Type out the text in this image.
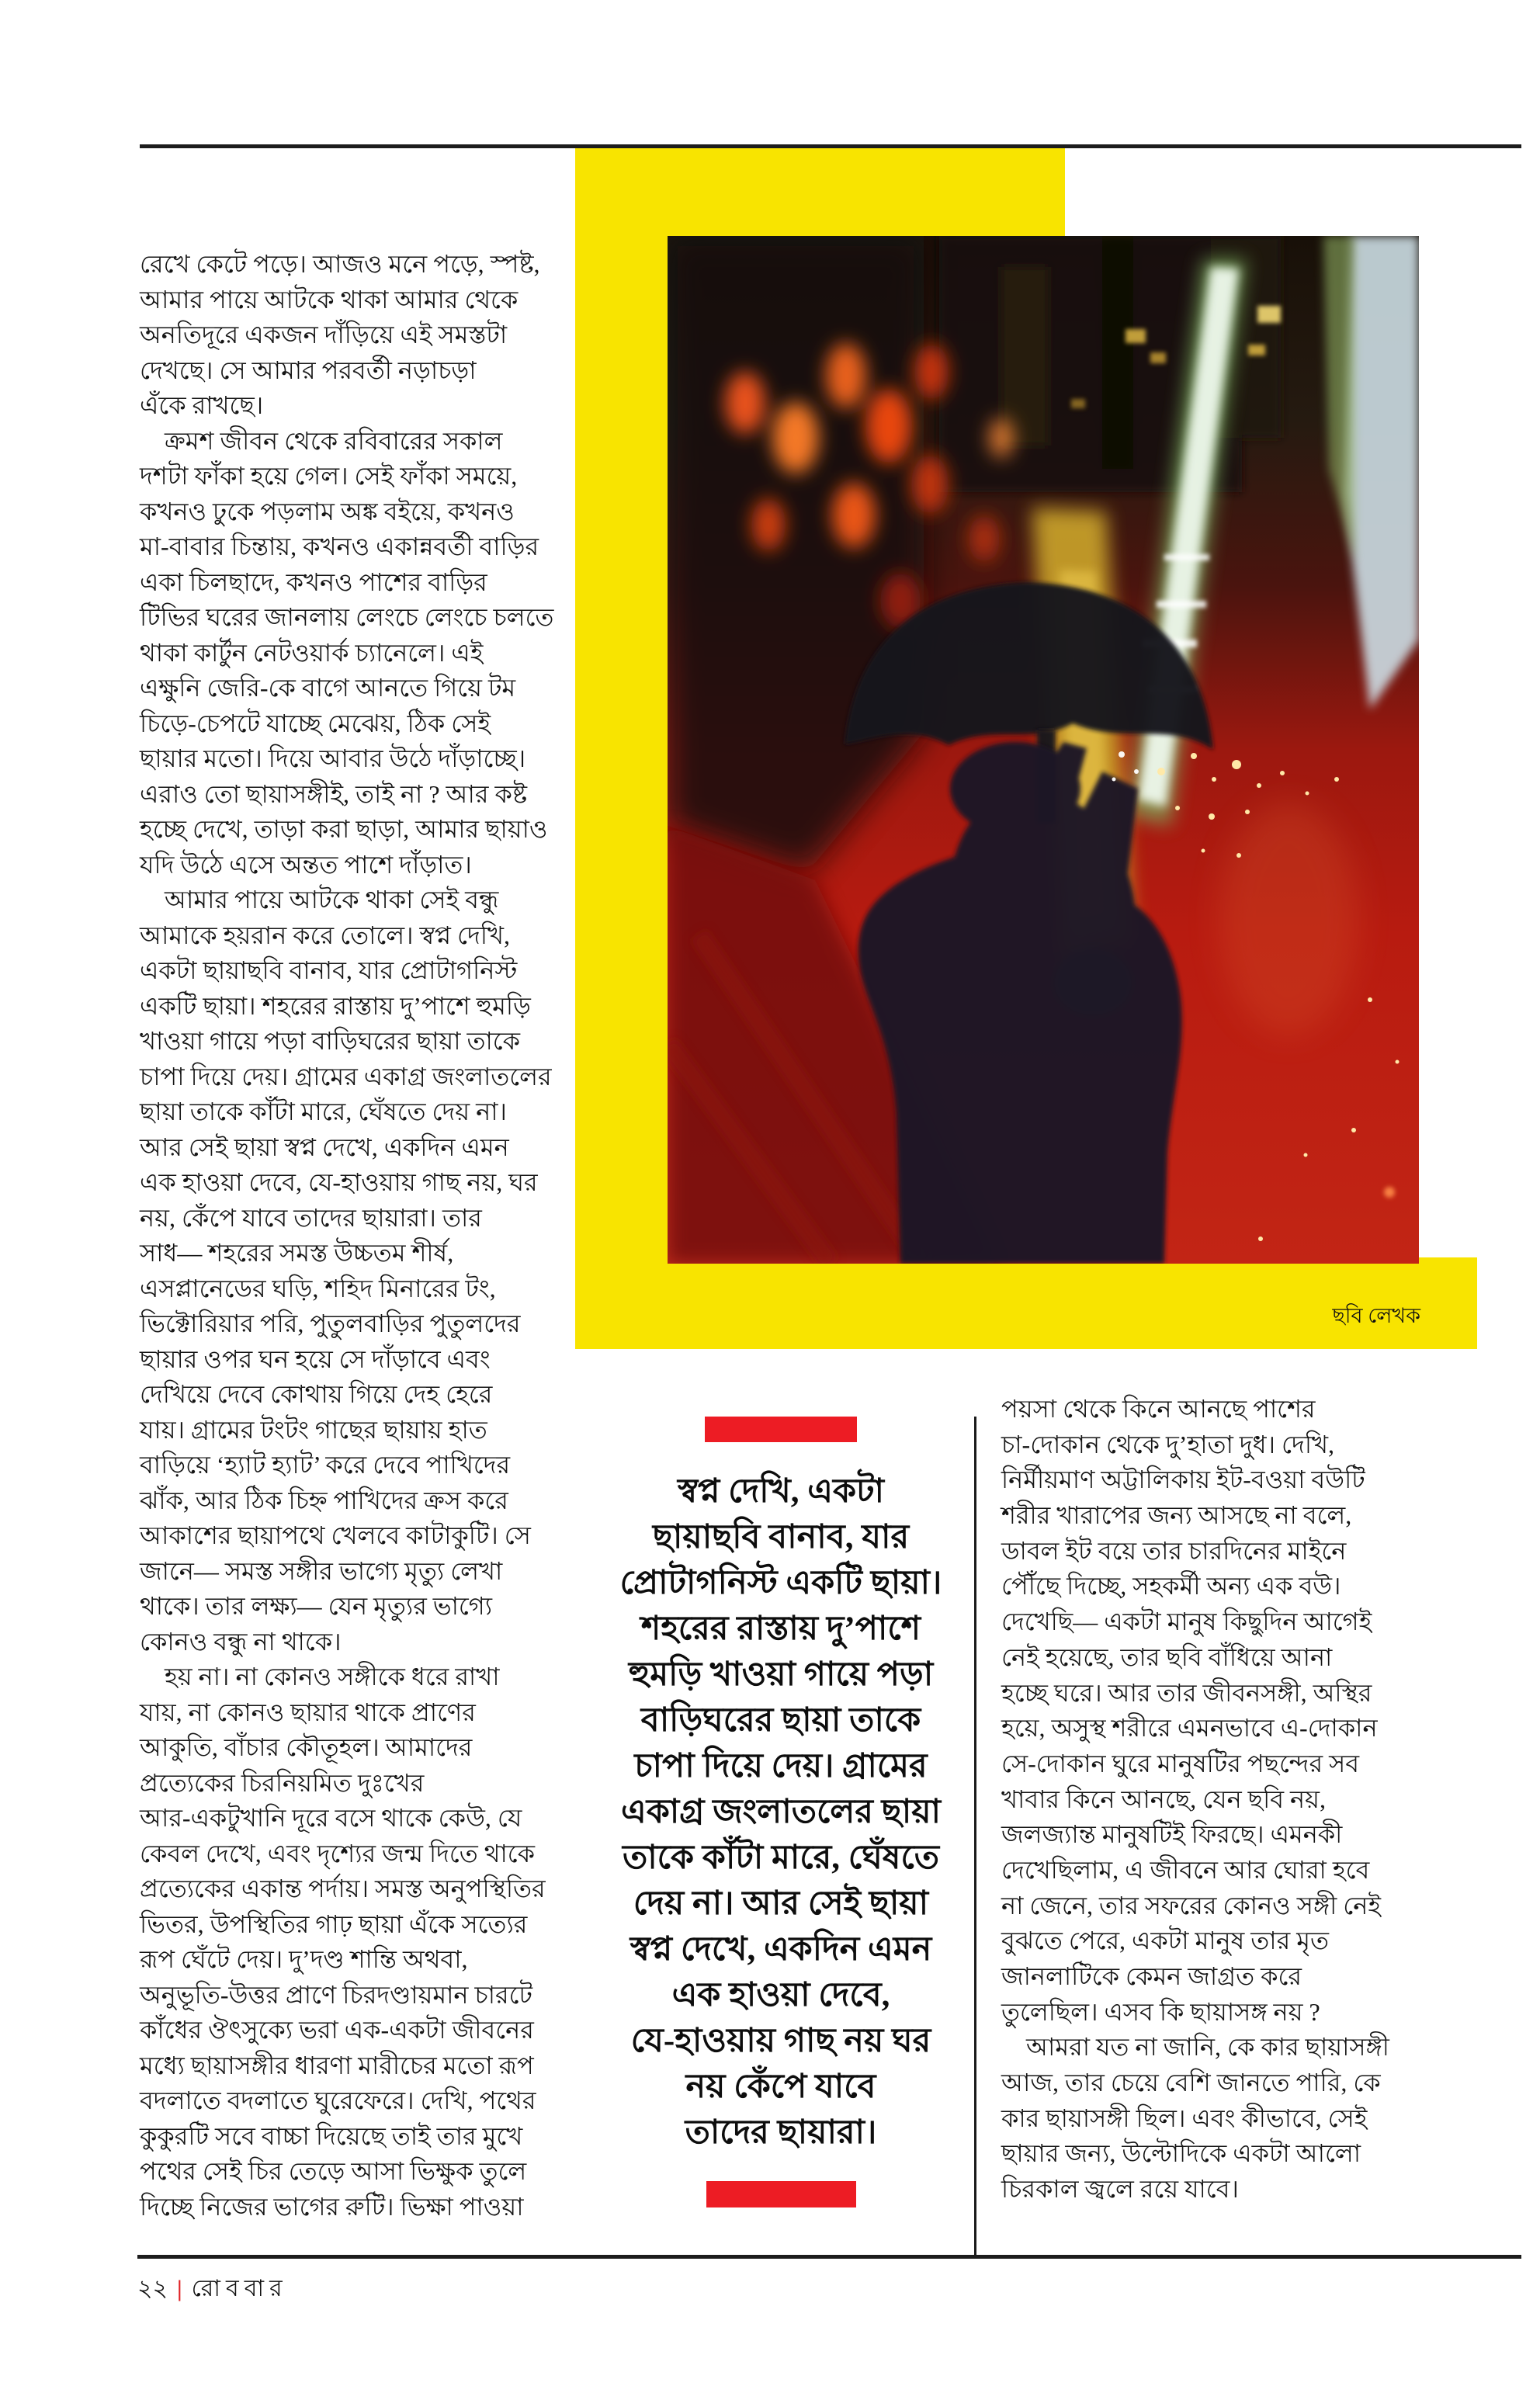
ছবি লেখক
রেখে কেটে পড়ে। আজও মনে পড়ে, স্পষ্ট,
আমার পায়ে আটকে থাকা আমার থেকে
অনতিদূরে একজন দাঁড়িয়ে এই সমস্তটা
দেখছে। সে আমার পরবর্তী নড়াচড়া
এঁকে রাখছে।
 ক্রমশ জীবন থেকে রবিবারের সকাল
দশটা ফাঁকা হয়ে গেল। সেই ফাঁকা সময়ে,
কখনও ঢুকে পড়লাম অঙ্ক বইয়ে, কখনও
মা-বাবার চিন্তায়, কখনও একান্নবর্তী বাড়ির
একা চিলছাদে, কখনও পাশের বাড়ির
টিভির ঘরের জানলায় লেংচে লেংচে চলতে
থাকা কার্টুন নেটওয়ার্ক চ্যানেলে। এই
এক্ষুনি জেরি-কে বাগে আনতে গিয়ে টম
চিড়ে-চেপটে যাচ্ছে মেঝেয়, ঠিক সেই
ছায়ার মতো। দিয়ে আবার উঠে দাঁড়াচ্ছে।
এরাও তো ছায়াসঙ্গীই, তাই না ? আর কষ্ট
হচ্ছে দেখে, তাড়া করা ছাড়া, আমার ছায়াও
যদি উঠে এসে অন্তত পাশে দাঁড়াত।
 আমার পায়ে আটকে থাকা সেই বন্ধু
আমাকে হয়রান করে তোলে। স্বপ্ন দেখি,
একটা ছায়াছবি বানাব, যার প্রোটাগনিস্ট
একটি ছায়া। শহরের রাস্তায় দু’পাশে হুমড়ি
খাওয়া গায়ে পড়া বাড়িঘরের ছায়া তাকে
চাপা দিয়ে দেয়। গ্রামের একাগ্র জংলাতলের
ছায়া তাকে কাঁটা মারে, ঘেঁষতে দেয় না।
আর সেই ছায়া স্বপ্ন দেখে, একদিন এমন
এক হাওয়া দেবে, যে-হাওয়ায় গাছ নয়, ঘর
নয়, কেঁপে যাবে তাদের ছায়ারা। তার
সাধ— শহরের সমস্ত উচ্চতম শীর্ষ,
এসপ্লানেডের ঘড়ি, শহিদ মিনারের টং,
ভিক্টোরিয়ার পরি, পুতুলবাড়ির পুতুলদের
ছায়ার ওপর ঘন হয়ে সে দাঁড়াবে এবং
দেখিয়ে দেবে কোথায় গিয়ে দেহ হেরে
যায়। গ্রামের টংটং গাছের ছায়ায় হাত
বাড়িয়ে ‘হ্যাট হ্যাট’ করে দেবে পাখিদের
ঝাঁক, আর ঠিক চিহ্ন পাখিদের ক্রস করে
আকাশের ছায়াপথে খেলবে কাটাকুটি। সে
জানে— সমস্ত সঙ্গীর ভাগ্যে মৃত্যু লেখা
থাকে। তার লক্ষ্য— যেন মৃত্যুর ভাগ্যে
কোনও বন্ধু না থাকে।
 হয় না। না কোনও সঙ্গীকে ধরে রাখা
যায়, না কোনও ছায়ার থাকে প্রাণের
আকুতি, বাঁচার কৌতূহল। আমাদের
প্রত্যেকের চিরনিয়মিত দুঃখের
আর-একটুখানি দূরে বসে থাকে কেউ, যে
কেবল দেখে, এবং দৃশ্যের জন্ম দিতে থাকে
প্রত্যেকের একান্ত পর্দায়। সমস্ত অনুপস্থিতির
ভিতর, উপস্থিতির গাঢ় ছায়া এঁকে সত্যের
রূপ ঘেঁটে দেয়। দু’দণ্ড শান্তি অথবা,
অনুভূতি-উত্তর প্রাণে চিরদণ্ডায়মান চারটে
কাঁধের ঔৎসুক্যে ভরা এক-একটা জীবনের
মধ্যে ছায়াসঙ্গীর ধারণা মারীচের মতো রূপ
বদলাতে বদলাতে ঘুরেফেরে। দেখি, পথের
কুকুরটি সবে বাচ্চা দিয়েছে তাই তার মুখে
পথের সেই চির তেড়ে আসা ভিক্ষুক তুলে
দিচ্ছে নিজের ভাগের রুটি। ভিক্ষা পাওয়া
স্বপ্ন দেখি, একটা
ছায়াছবি বানাব, যার
প্রোটাগনিস্ট একটি ছায়া।
শহরের রাস্তায় দু’পাশে
হুমড়ি খাওয়া গায়ে পড়া
বাড়িঘরের ছায়া তাকে
চাপা দিয়ে দেয়। গ্রামের
একাগ্র জংলাতলের ছায়া
তাকে কাঁটা মারে, ঘেঁষতে
দেয় না। আর সেই ছায়া
স্বপ্ন দেখে, একদিন এমন
এক হাওয়া দেবে,
যে-হাওয়ায় গাছ নয় ঘর
নয় কেঁপে যাবে
তাদের ছায়ারা।
পয়সা থেকে কিনে আনছে পাশের
চা-দোকান থেকে দু’হাতা দুধ। দেখি,
নির্মীয়মাণ অট্টালিকায় ইট-বওয়া বউটি
শরীর খারাপের জন্য আসছে না বলে,
ডাবল ইট বয়ে তার চারদিনের মাইনে
পৌঁছে দিচ্ছে, সহকর্মী অন্য এক বউ।
দেখেছি— একটা মানুষ কিছুদিন আগেই
নেই হয়েছে, তার ছবি বাঁধিয়ে আনা
হচ্ছে ঘরে। আর তার জীবনসঙ্গী, অস্থির
হয়ে, অসুস্থ শরীরে এমনভাবে এ-দোকান
সে-দোকান ঘুরে মানুষটির পছন্দের সব
খাবার কিনে আনছে, যেন ছবি নয়,
জলজ্যান্ত মানুষটিই ফিরছে। এমনকী
দেখেছিলাম, এ জীবনে আর ঘোরা হবে
না জেনে, তার সফরের কোনও সঙ্গী নেই
বুঝতে পেরে, একটা মানুষ তার মৃত
জানলাটিকে কেমন জাগ্রত করে
তুলেছিল। এসব কি ছায়াসঙ্গ নয় ?
 আমরা যত না জানি, কে কার ছায়াসঙ্গী
আজ, তার চেয়ে বেশি জানতে পারি, কে
কার ছায়াসঙ্গী ছিল। এবং কীভাবে, সেই
ছায়ার জন্য, উল্টোদিকে একটা আলো
চিরকাল জ্বলে রয়ে যাবে।
২২ | রোববার
